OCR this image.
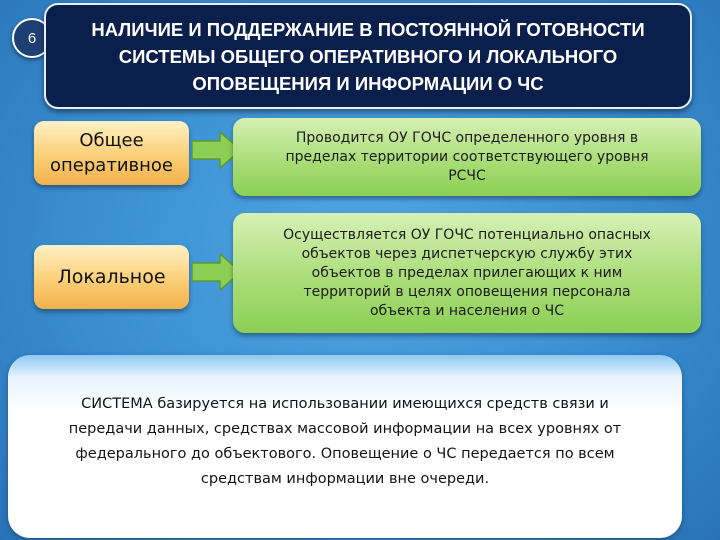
6	НАЛИЧИЕ И ПОДДЕРЖАНИЕ В ПОСТОЯННОЙ ГОТОВНОСТИ
СИСТЕМЫ ОБЩЕГО ОПЕРАТИВНОГО И ЛОКАЛЬНОГО
ОПОВЕЩЕНИЯ И ИНФОРМАЦИИ О ЧС
Общее
оперативное
Проводится ОУ ГОЧС определенного уровня в
пределах территории соответствующего уровня
РСЧС
Локальное
Осуществляется ОУ ГОЧС потенциально опасных
объектов через диспетчерскую службу этих
объектов в пределах прилегающих к ним
территорий в целях оповещения персонала
объекта и населения о ЧС
СИСТЕМА базируется на использовании имеющихся средств связи и
передачи данных, средствах массовой информации на всех уровнях от
федерального до объектового. Оповещение о ЧС передается по всем
средствам информации вне очереди.
